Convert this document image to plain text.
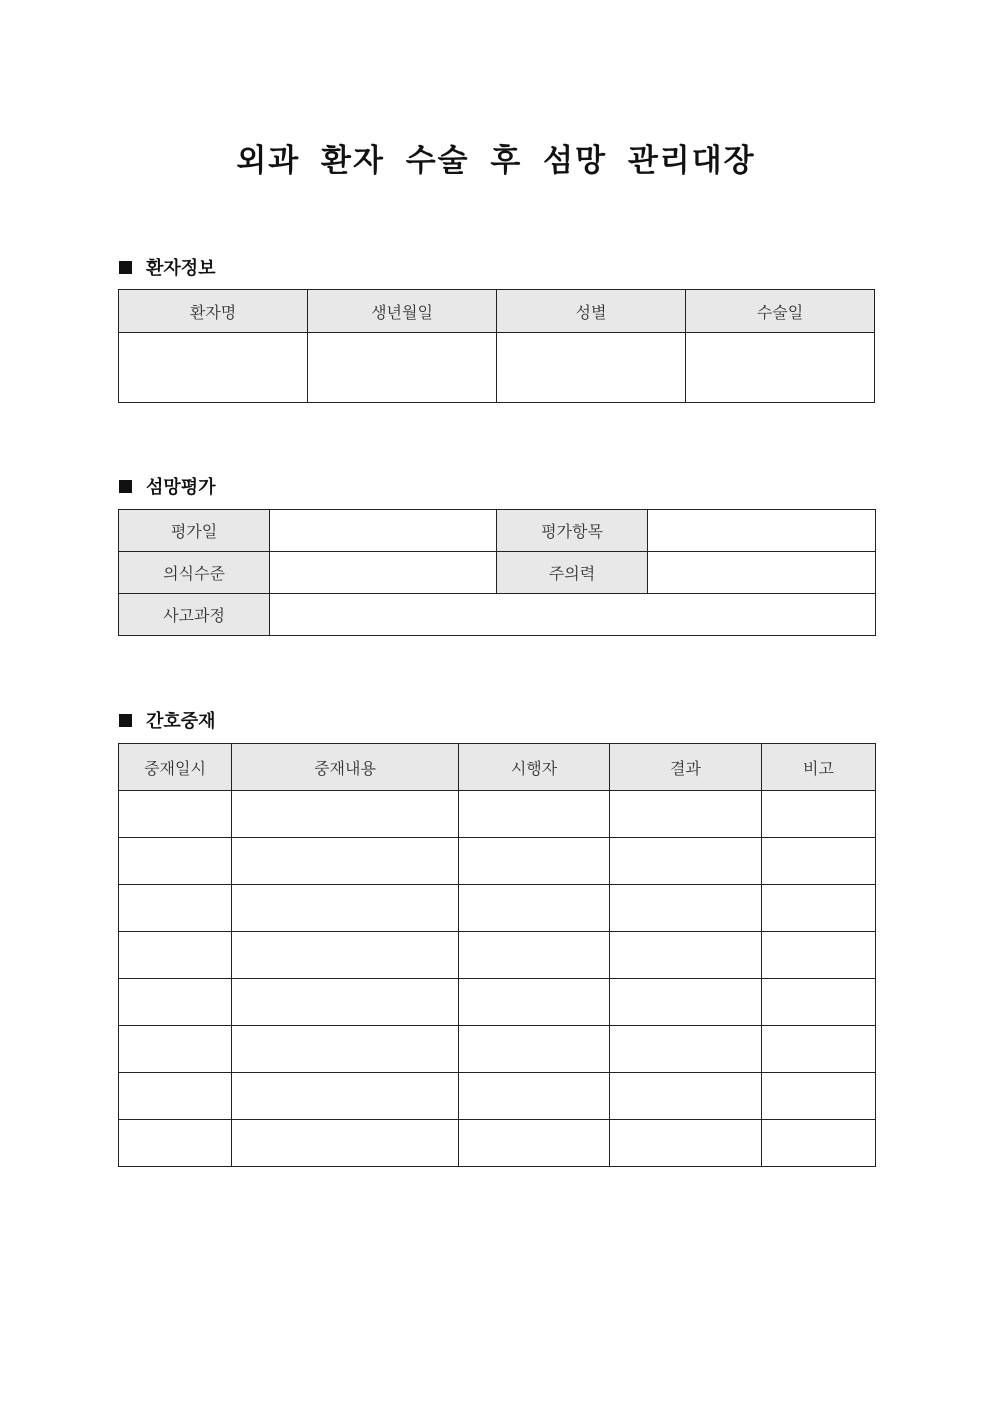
외과 환자 수술 후 섬망 관리대장
환자정보
환자명	생년월일	성별	수술일

섬망평가
평가일		평가항목	
의식수준		주의력	
사고과정			
간호중재
중재일시	중재내용	시행자	결과	비고
